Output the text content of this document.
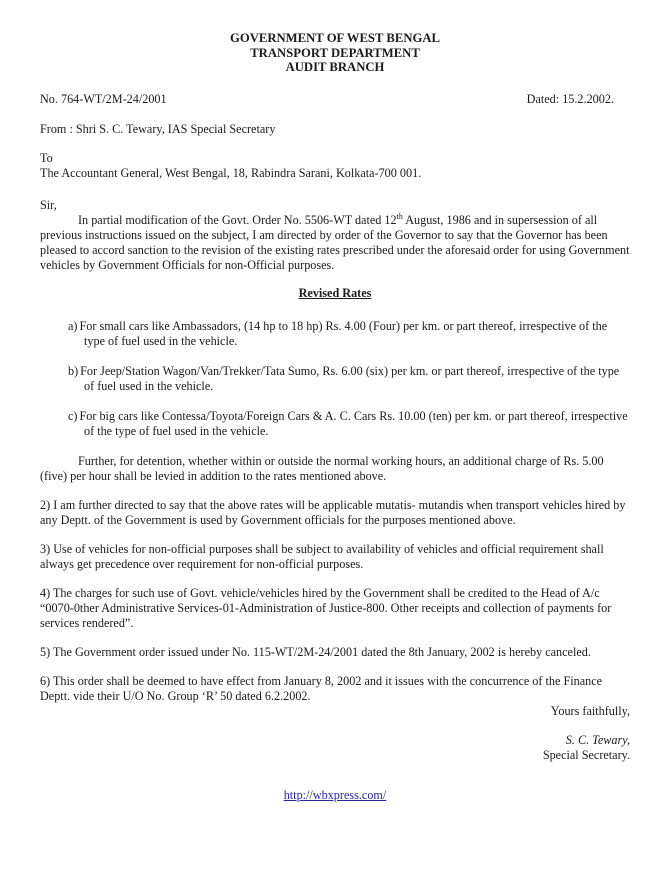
GOVERNMENT OF WEST BENGAL
TRANSPORT DEPARTMENT
AUDIT BRANCH
No. 764-WT/2M-24/2001	Dated: 15.2.2002.
From : Shri S. C. Tewary, IAS Special Secretary
To
The Accountant General, West Bengal, 18, Rabindra Sarani, Kolkata-700 001.
Sir,
In partial modification of the Govt. Order No. 5506-WT dated 12th August, 1986 and in supersession of all previous instructions issued on the subject, I am directed by order of the Governor to say that the Governor has been pleased to accord sanction to the revision of the existing rates prescribed under the aforesaid order for using Government vehicles by Government Officials for non-Official purposes.
Revised Rates
a) For small cars like Ambassadors, (14 hp to 18 hp) Rs. 4.00 (Four) per km. or part thereof, irrespective of the type of fuel used in the vehicle.
b) For Jeep/Station Wagon/Van/Trekker/Tata Sumo, Rs. 6.00 (six) per km. or part thereof, irrespective of the type of fuel used in the vehicle.
c) For big cars like Contessa/Toyota/Foreign Cars & A. C. Cars Rs. 10.00 (ten) per km. or part thereof, irrespective of the type of fuel used in the vehicle.
Further, for detention, whether within or outside the normal working hours, an additional charge of Rs. 5.00 (five) per hour shall be levied in addition to the rates mentioned above.
2) I am further directed to say that the above rates will be applicable mutatis- mutandis when transport vehicles hired by any Deptt. of the Government is used by Government officials for the purposes mentioned above.
3) Use of vehicles for non-official purposes shall be subject to availability of vehicles and official requirement shall always get precedence over requirement for non-official purposes.
4) The charges for such use of Govt. vehicle/vehicles hired by the Government shall be credited to the Head of A/c “0070-0ther Administrative Services-01-Administration of Justice-800. Other receipts and collection of payments for services rendered”.
5) The Government order issued under No. 115-WT/2M-24/2001 dated the 8th January, 2002 is hereby canceled.
6) This order shall be deemed to have effect from January 8, 2002 and it issues with the concurrence of the Finance Deptt. vide their U/O No. Group ‘R’ 50 dated 6.2.2002.
Yours faithfully,
S. C. Tewary,
Special Secretary.
http://wbxpress.com/
